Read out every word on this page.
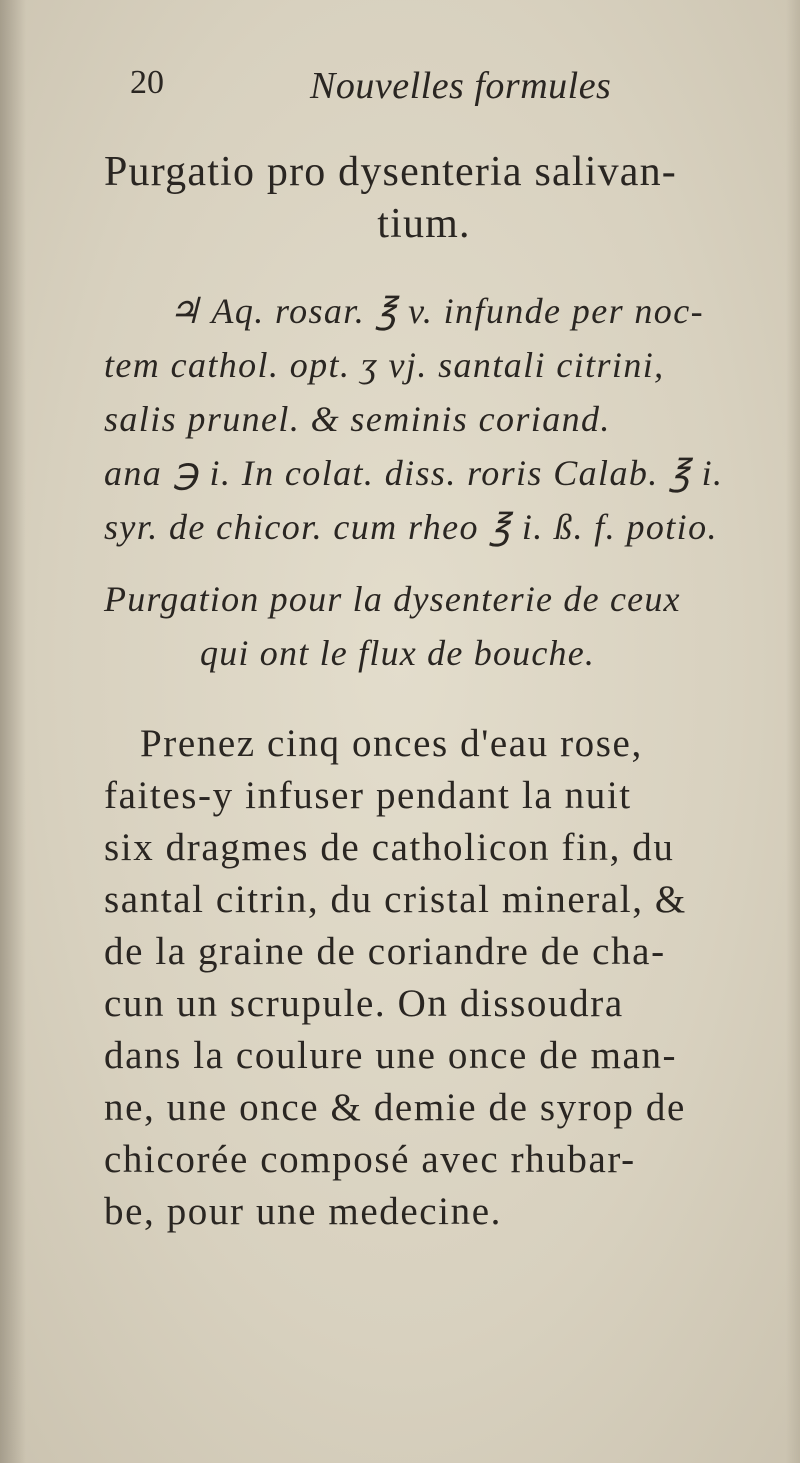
20	Nouvelles formules
Purgatio pro dysenteria salivan-
tium.
♃ Aq. rosar. ℥ v. infunde per noc-
tem cathol. opt. ʒ vj. santali citrini,
salis prunel. & seminis coriand.
ana ℈ i. In colat. diss. roris Calab. ℥ i.
syr. de chicor. cum rheo ℥ i. ß. f. potio.
Purgation pour la dysenterie de ceux
qui ont le flux de bouche.
Prenez cinq onces d'eau rose,
faites-y infuser pendant la nuit
six dragmes de catholicon fin, du
santal citrin, du cristal mineral, &
de la graine de coriandre de cha-
cun un scrupule. On dissoudra
dans la coulure une once de man-
ne, une once & demie de syrop de
chicorée composé avec rhubar-
be, pour une medecine.
